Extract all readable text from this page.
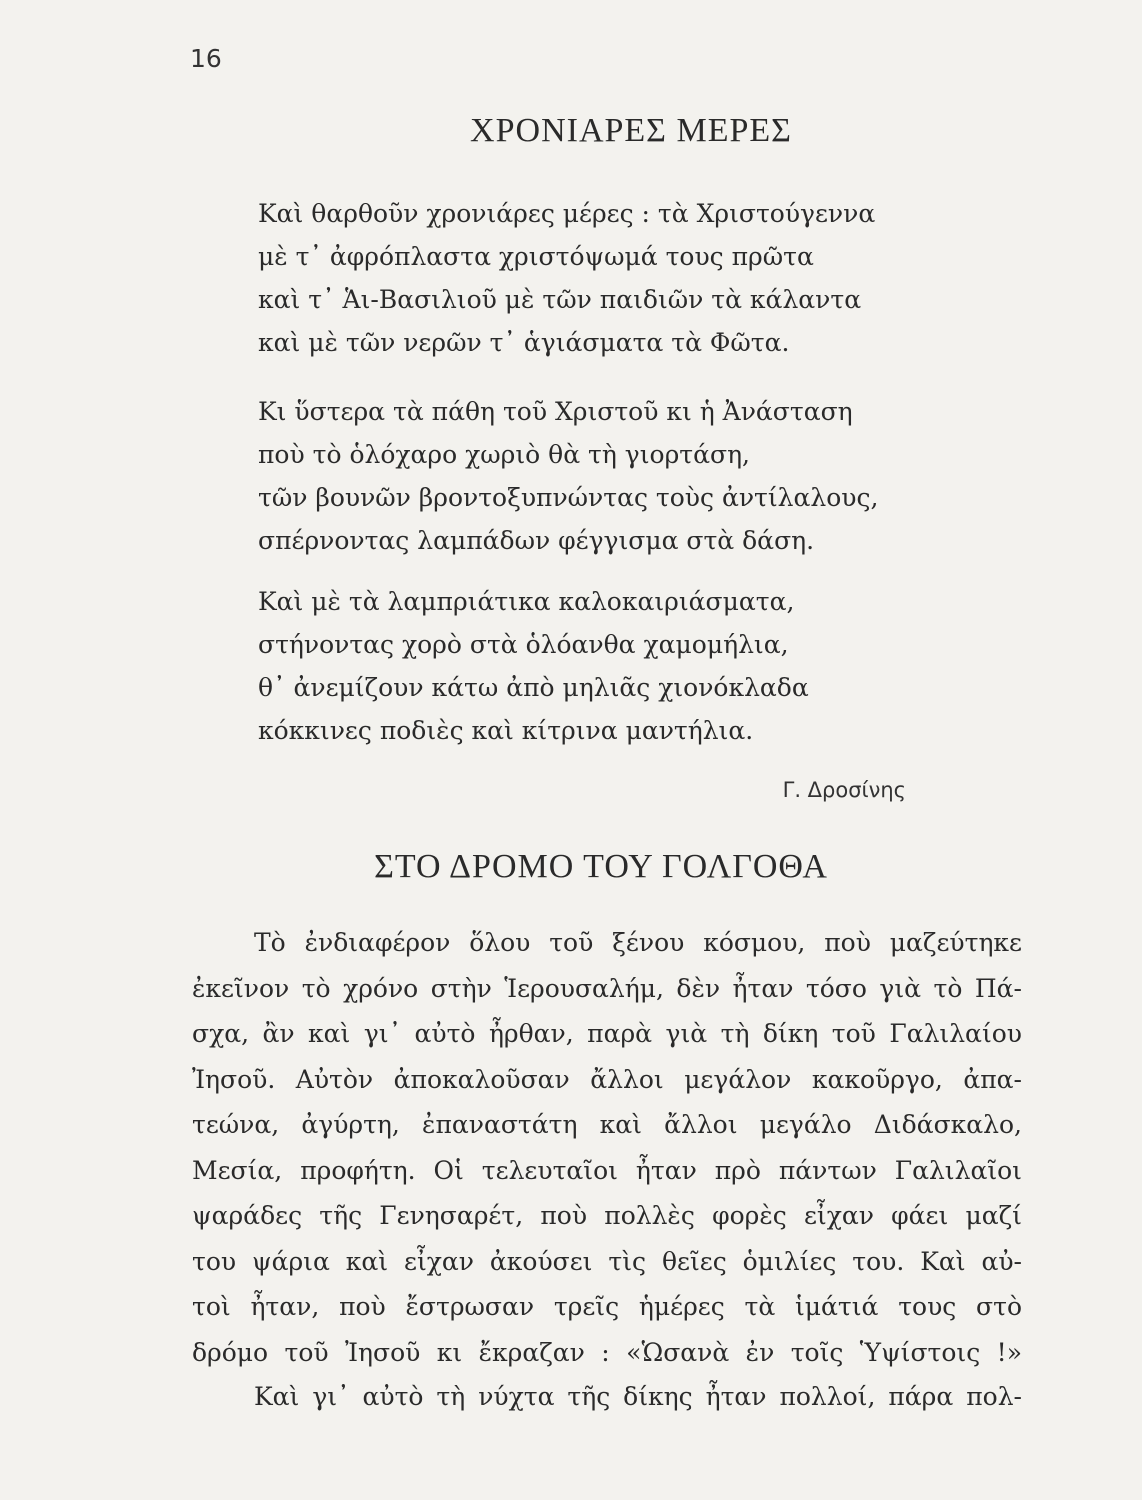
16
ΧΡΟΝΙΑΡΕΣ ΜΕΡΕΣ
Καὶ θαρθοῦν χρονιάρες μέρες : τὰ Χριστούγεννα
μὲ τ᾿ ἀφρόπλαστα χριστόψωμά τους πρῶτα
καὶ τ᾿ Ἁι-Βασιλιοῦ μὲ τῶν παιδιῶν τὰ κάλαντα
καὶ μὲ τῶν νερῶν τ᾿ ἁγιάσματα τὰ Φῶτα.
Κι ὕστερα τὰ πάθη τοῦ Χριστοῦ κι ἡ Ἀνάσταση
ποὺ τὸ ὁλόχαρο χωριὸ θὰ τὴ γιορτάση,
τῶν βουνῶν βροντοξυπνώντας τοὺς ἀντίλαλους,
σπέρνοντας λαμπάδων φέγγισμα στὰ δάση.
Καὶ μὲ τὰ λαμπριάτικα καλοκαιριάσματα,
στήνοντας χορὸ στὰ ὁλόανθα χαμομήλια,
θ᾿ ἀνεμίζουν κάτω ἀπὸ μηλιᾶς χιονόκλαδα
κόκκινες ποδιὲς καὶ κίτρινα μαντήλια.
Γ. Δροσίνης
ΣΤΟ ΔΡΟΜΟ ΤΟΥ ΓΟΛΓΟΘΑ
Τὸ ἐνδιαφέρον ὅλου τοῦ ξένου κόσμου, ποὺ μαζεύτηκε
ἐκεῖνον τὸ χρόνο στὴν Ἱερουσαλήμ, δὲν ἦταν τόσο γιὰ τὸ Πά-
σχα, ἂν καὶ γι᾿ αὐτὸ ἦρθαν, παρὰ γιὰ τὴ δίκη τοῦ Γαλιλαίου
Ἰησοῦ. Αὐτὸν ἀποκαλοῦσαν ἄλλοι μεγάλον κακοῦργο, ἀπα-
τεώνα, ἀγύρτη, ἐπαναστάτη καὶ ἄλλοι μεγάλο Διδάσκαλο,
Μεσία, προφήτη. Οἱ τελευταῖοι ἦταν πρὸ πάντων Γαλιλαῖοι
ψαράδες τῆς Γενησαρέτ, ποὺ πολλὲς φορὲς εἶχαν φάει μαζί
του ψάρια καὶ εἶχαν ἀκούσει τὶς θεῖες ὁμιλίες του. Καὶ αὐ-
τοὶ ἦταν, ποὺ ἔστρωσαν τρεῖς ἡμέρες τὰ ἱμάτιά τους στὸ
δρόμο τοῦ Ἰησοῦ κι ἔκραζαν : «Ὡσανὰ ἐν τοῖς Ὑψίστοις !»
Καὶ γι᾿ αὐτὸ τὴ νύχτα τῆς δίκης ἦταν πολλοί, πάρα πολ-
